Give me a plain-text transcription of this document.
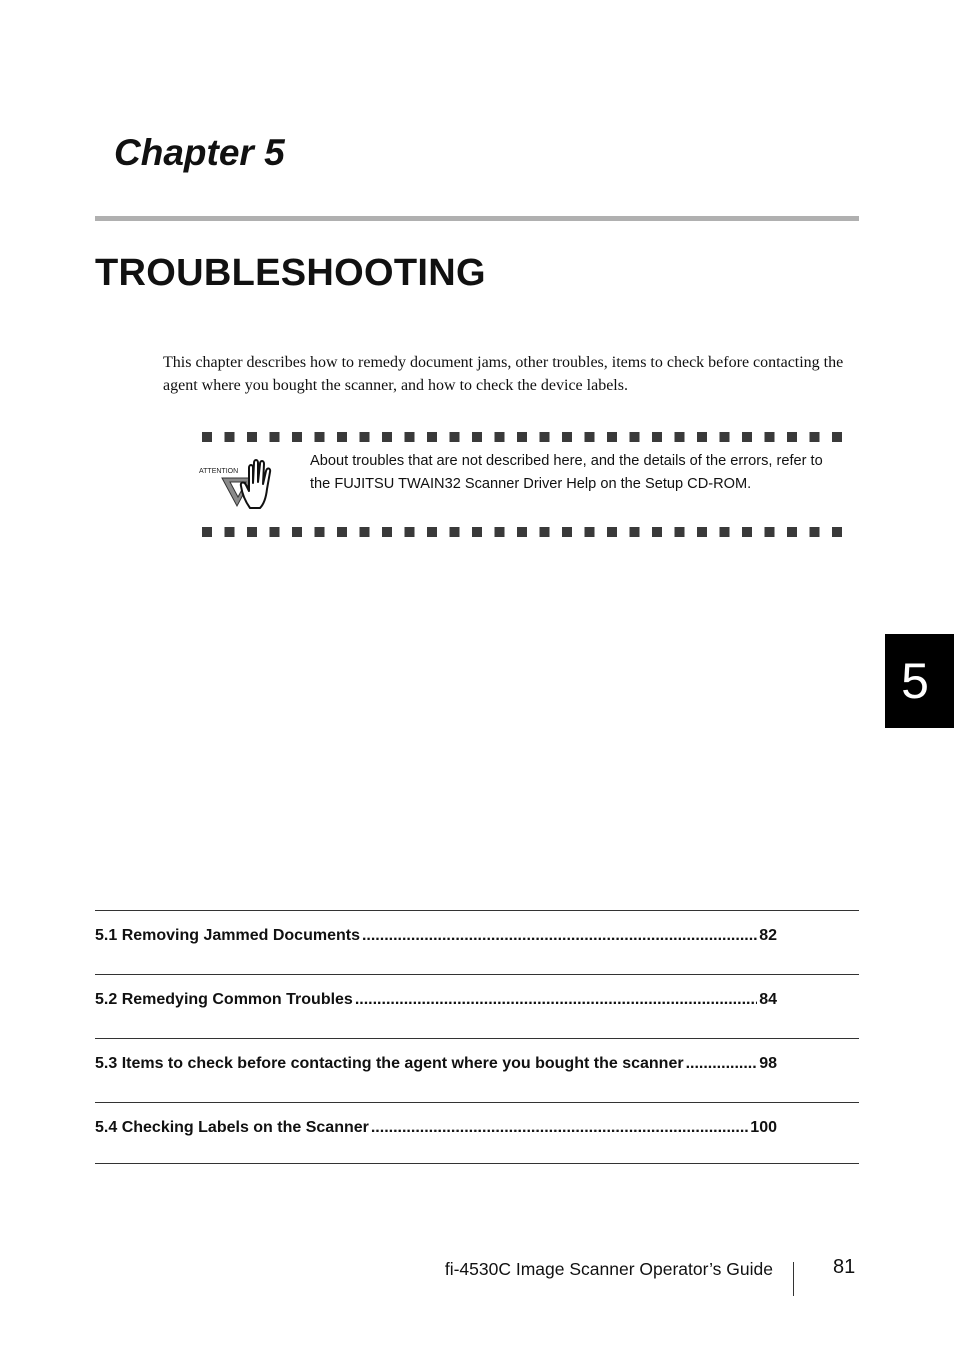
Chapter 5
TROUBLESHOOTING

This chapter describes how to remedy document jams, other troubles, items to check before contacting the agent where you bought the scanner, and how to check the device labels.

ATTENTION

About troubles that are not described here, and the details of the errors, refer to the FUJITSU TWAIN32 Scanner Driver Help on the Setup CD-ROM.

5
5.1 Removing Jammed Documents .....	82
5.2 Remedying Common Troubles .....	84
5.3 Items to check before contacting the agent where you bought the scanner .....	98
5.4 Checking Labels on the Scanner .....	100

fi-4530C Image Scanner Operator’s Guide	81
